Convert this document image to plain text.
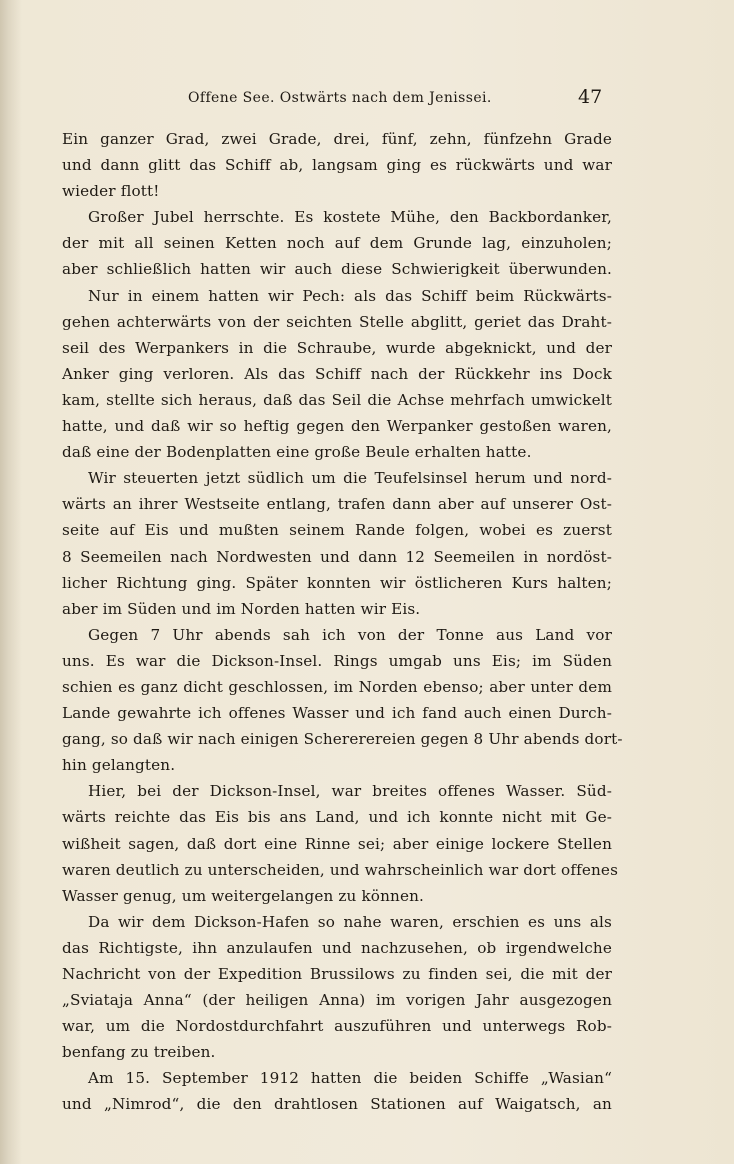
Offene See. Ostwärts nach dem Jenissei.	47
Ein ganzer Grad, zwei Grade, drei, fünf, zehn, fünfzehn Grade
und dann glitt das Schiff ab, langsam ging es rückwärts und war
wieder flott!
Großer Jubel herrschte. Es kostete Mühe, den Backbordanker,
der mit all seinen Ketten noch auf dem Grunde lag, einzuholen;
aber schließlich hatten wir auch diese Schwierigkeit überwunden.
Nur in einem hatten wir Pech: als das Schiff beim Rückwärts-
gehen achterwärts von der seichten Stelle abglitt, geriet das Draht-
seil des Werpankers in die Schraube, wurde abgeknickt, und der
Anker ging verloren. Als das Schiff nach der Rückkehr ins Dock
kam, stellte sich heraus, daß das Seil die Achse mehrfach umwickelt
hatte, und daß wir so heftig gegen den Werpanker gestoßen waren,
daß eine der Bodenplatten eine große Beule erhalten hatte.
Wir steuerten jetzt südlich um die Teufelsinsel herum und nord-
wärts an ihrer Westseite entlang, trafen dann aber auf unserer Ost-
seite auf Eis und mußten seinem Rande folgen, wobei es zuerst
8 Seemeilen nach Nordwesten und dann 12 Seemeilen in nordöst-
licher Richtung ging. Später konnten wir östlicheren Kurs halten;
aber im Süden und im Norden hatten wir Eis.
Gegen 7 Uhr abends sah ich von der Tonne aus Land vor
uns. Es war die Dickson-Insel. Rings umgab uns Eis; im Süden
schien es ganz dicht geschlossen, im Norden ebenso; aber unter dem
Lande gewahrte ich offenes Wasser und ich fand auch einen Durch-
gang, so daß wir nach einigen Schererereien gegen 8 Uhr abends dort-
hin gelangten.
Hier, bei der Dickson-Insel, war breites offenes Wasser. Süd-
wärts reichte das Eis bis ans Land, und ich konnte nicht mit Ge-
wißheit sagen, daß dort eine Rinne sei; aber einige lockere Stellen
waren deutlich zu unterscheiden, und wahrscheinlich war dort offenes
Wasser genug, um weitergelangen zu können.
Da wir dem Dickson-Hafen so nahe waren, erschien es uns als
das Richtigste, ihn anzulaufen und nachzusehen, ob irgendwelche
Nachricht von der Expedition Brussilows zu finden sei, die mit der
„Sviataja Anna“ (der heiligen Anna) im vorigen Jahr ausgezogen
war, um die Nordostdurchfahrt auszuführen und unterwegs Rob-
benfang zu treiben.
Am 15. September 1912 hatten die beiden Schiffe „Wasian“
und „Nimrod“, die den drahtlosen Stationen auf Waigatsch, an
